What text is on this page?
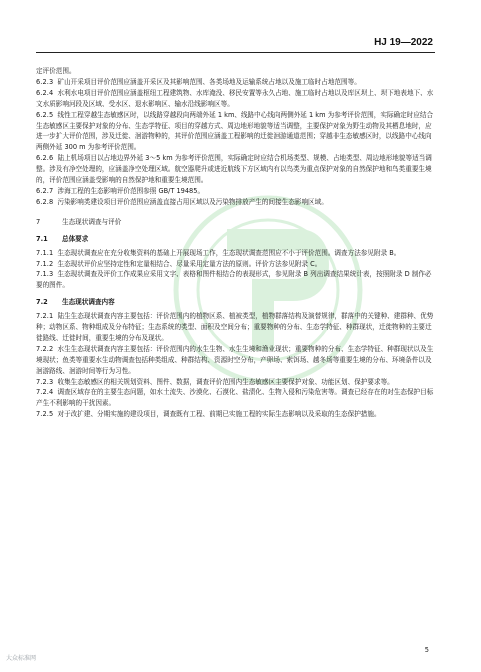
HJ 19—2022

定评价范围。

6.2.3 矿山开采项目评价范围应涵盖开采区及其影响范围、各类场地及运输系统占地以及施工临时占地范围等。

6.2.4 水利水电项目评价范围应涵盖枢纽工程建筑物、水库淹没、移民安置等永久占地、施工临时占地以及库区坝上、坝下地表地下、水文水质影响河段及区域、受水区、退水影响区、输水沿线影响区等。

6.2.5 线性工程穿越生态敏感区时，以线路穿越段向两端外延 1 km、线路中心线向两侧外延 1 km 为参考评价范围，实际确定时应结合生态敏感区主要保护对象的分布、生态学特征、项目的穿越方式、周边地形地貌等适当调整，主要保护对象为野生动物及其栖息地时，应进一步扩大评价范围，涉及迁徙、洄游物种的，其评价范围应涵盖工程影响的迁徙洄游通道范围；穿越非生态敏感区时，以线路中心线向两侧外延 300 m 为参考评价范围。

6.2.6 陆上机场项目以占地边界外延 3～5 km 为参考评价范围，实际确定时应结合机场类型、规模、占地类型、周边地形地貌等适当调整。涉及有净空处理的，应涵盖净空处理区域。航空器爬升或进近航线下方区域内有以鸟类为重点保护对象的自然保护地和鸟类重要生境的，评价范围应涵盖受影响的自然保护地和重要生境范围。

6.2.7 涉海工程的生态影响评价范围参照 GB/T 19485。

6.2.8 污染影响类建设项目评价范围应涵盖直接占用区域以及污染物排放产生的间接生态影响区域。

7	生态现状调查与评价

7.1 总体要求

7.1.1 生态现状调查应在充分收集资料的基础上开展现场工作，生态现状调查范围应不小于评价范围。调查方法参见附录 B。

7.1.2 生态现状评价应坚持定性和定量相结合、尽量采用定量方法的原则。评价方法参见附录 C。

7.1.3 生态现状调查及评价工作成果应采用文字、表格和图件相结合的表现形式，参见附录 B 列出调查结果统计表，按照附录 D 制作必要的图件。

7.2 生态现状调查内容

7.2.1 陆生生态现状调查内容主要包括：评价范围内的植物区系、植被类型，植物群落结构及演替规律，群落中的关键种、建群种、优势种；动物区系、物种组成及分布特征；生态系统的类型、面积及空间分布；重要物种的分布、生态学特征、种群现状，迁徙物种的主要迁徙路线、迁徙时间，重要生境的分布及现状。

7.2.2 水生生态现状调查内容主要包括：评价范围内的水生生物、水生生境和渔业现状；重要物种的分布、生态学特征、种群现状以及生境现状；鱼类等重要水生动物调查包括种类组成、种群结构、资源时空分布，产卵场、索饵场、越冬场等重要生境的分布、环境条件以及洄游路线、洄游时间等行为习性。

7.2.3 收集生态敏感区的相关规划资料、图件、数据，调查评价范围内生态敏感区主要保护对象、功能区划、保护要求等。

7.2.4 调查区域存在的主要生态问题，如水土流失、沙漠化、石漠化、盐渍化、生物入侵和污染危害等。调查已经存在的对生态保护目标产生不利影响的干扰因素。

7.2.5 对于改扩建、分期实施的建设项目，调查既有工程、前期已实施工程的实际生态影响以及采取的生态保护措施。

5
大众标准网
